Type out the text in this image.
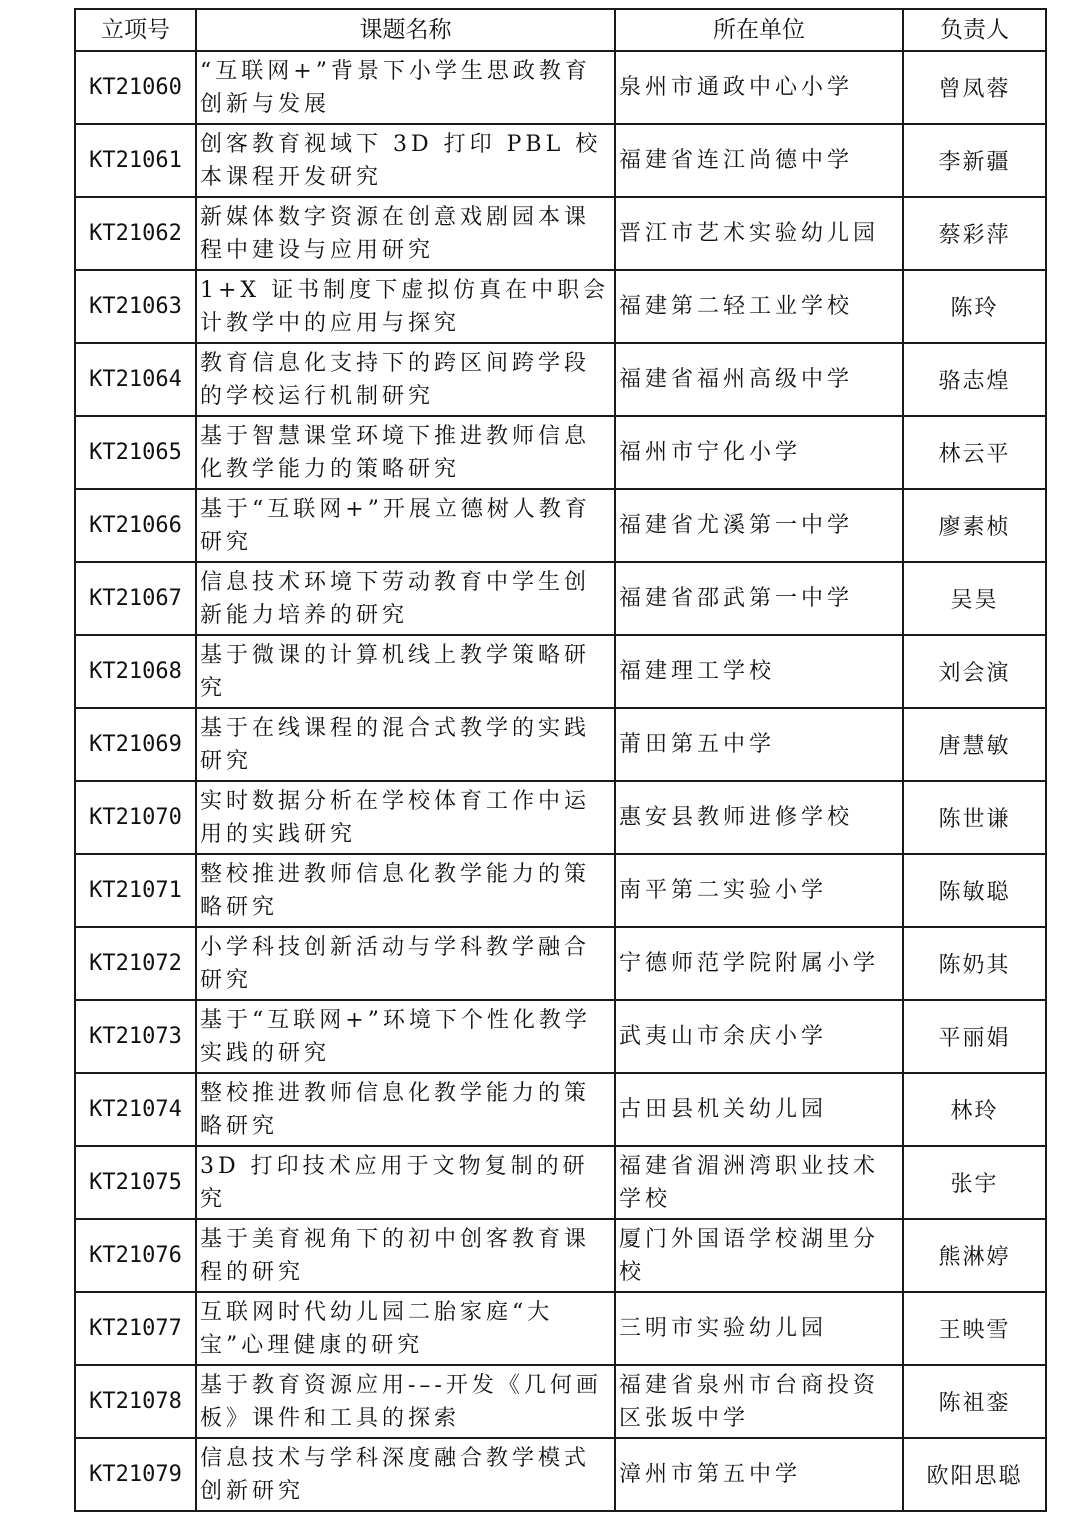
立项号	课题名称	所在单位	负责人
KT21060	“互联网+”背景下小学生思政教育创新与发展	泉州市通政中心小学	曾凤蓉
KT21061	创客教育视域下 3D 打印 PBL 校本课程开发研究	福建省连江尚德中学	李新疆
KT21062	新媒体数字资源在创意戏剧园本课程中建设与应用研究	晋江市艺术实验幼儿园	蔡彩萍
KT21063	1+X 证书制度下虚拟仿真在中职会计教学中的应用与探究	福建第二轻工业学校	陈玲
KT21064	教育信息化支持下的跨区间跨学段的学校运行机制研究	福建省福州高级中学	骆志煌
KT21065	基于智慧课堂环境下推进教师信息化教学能力的策略研究	福州市宁化小学	林云平
KT21066	基于“互联网+”开展立德树人教育研究	福建省尤溪第一中学	廖素桢
KT21067	信息技术环境下劳动教育中学生创新能力培养的研究	福建省邵武第一中学	吴昊
KT21068	基于微课的计算机线上教学策略研究	福建理工学校	刘会演
KT21069	基于在线课程的混合式教学的实践研究	莆田第五中学	唐慧敏
KT21070	实时数据分析在学校体育工作中运用的实践研究	惠安县教师进修学校	陈世谦
KT21071	整校推进教师信息化教学能力的策略研究	南平第二实验小学	陈敏聪
KT21072	小学科技创新活动与学科教学融合研究	宁德师范学院附属小学	陈奶其
KT21073	基于“互联网+”环境下个性化教学实践的研究	武夷山市余庆小学	平丽娟
KT21074	整校推进教师信息化教学能力的策略研究	古田县机关幼儿园	林玲
KT21075	3D 打印技术应用于文物复制的研究	福建省湄洲湾职业技术学校	张宇
KT21076	基于美育视角下的初中创客教育课程的研究	厦门外国语学校湖里分校	熊淋婷
KT21077	互联网时代幼儿园二胎家庭“大宝”心理健康的研究	三明市实验幼儿园	王映雪
KT21078	基于教育资源应用-–-开发《几何画板》课件和工具的探索	福建省泉州市台商投资区张坂中学	陈祖銮
KT21079	信息技术与学科深度融合教学模式创新研究	漳州市第五中学	欧阳思聪
